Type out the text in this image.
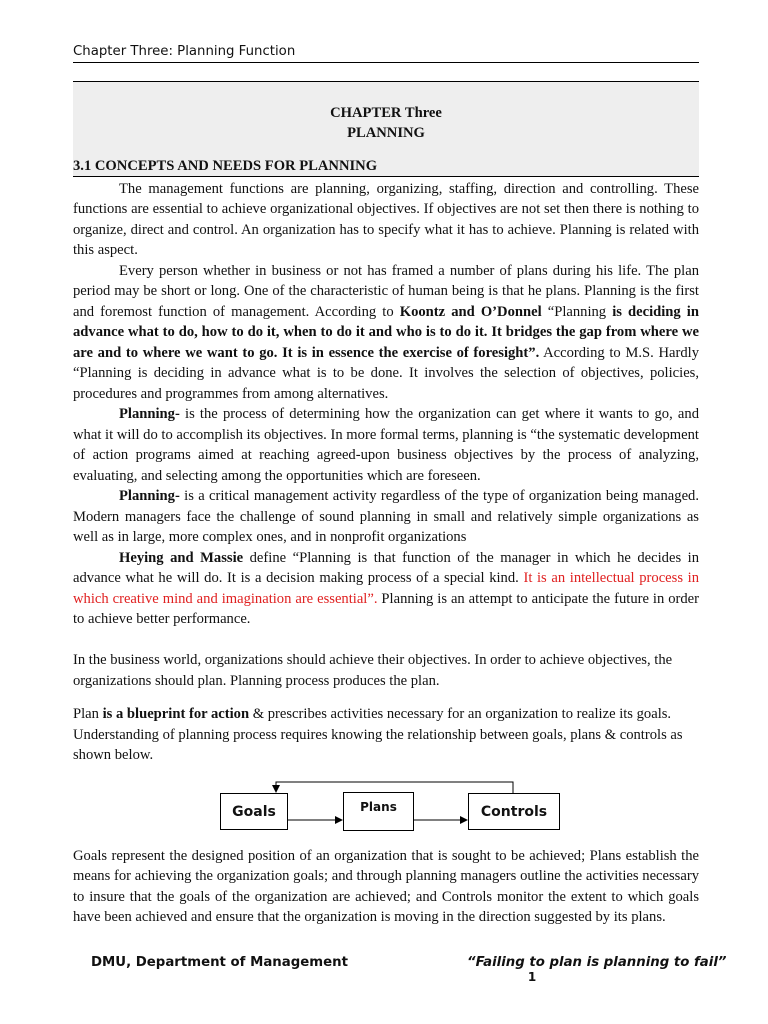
Chapter Three: Planning Function
CHAPTER Three
PLANNING
3.1 CONCEPTS AND NEEDS FOR PLANNING

The management functions are planning, organizing, staffing, direction and controlling. These functions are essential to achieve organizational objectives. If objectives are not set then there is nothing to organize, direct and control. An organization has to specify what it has to achieve. Planning is related with this aspect.

Every person whether in business or not has framed a number of plans during his life. The plan period may be short or long. One of the characteristic of human being is that he plans. Planning is the first and foremost function of management. According to Koontz and O’Donnel “Planning is deciding in advance what to do, how to do it, when to do it and who is to do it. It bridges the gap from where we are and to where we want to go. It is in essence the exercise of foresight”. According to M.S. Hardly “Planning is deciding in advance what is to be done. It involves the selection of objectives, policies, procedures and programmes from among alternatives.

Planning- is the process of determining how the organization can get where it wants to go, and what it will do to accomplish its objectives. In more formal terms, planning is “the systematic development of action programs aimed at reaching agreed-upon business objectives by the process of analyzing, evaluating, and selecting among the opportunities which are foreseen.

Planning- is a critical management activity regardless of the type of organization being managed. Modern managers face the challenge of sound planning in small and relatively simple organizations as well as in large, more complex ones, and in nonprofit organizations

Heying and Massie define “Planning is that function of the manager in which he decides in advance what he will do. It is a decision making process of a special kind. It is an intellectual process in which creative mind and imagination are essential”. Planning is an attempt to anticipate the future in order to achieve better performance.

In the business world, organizations should achieve their objectives. In order to achieve objectives, the organizations should plan. Planning process produces the plan.

Plan is a blueprint for action & prescribes activities necessary for an organization to realize its goals. Understanding of planning process requires knowing the relationship between goals, plans & controls as shown below.

Goals	Plans	Controls

Goals represent the designed position of an organization that is sought to be achieved; Plans establish the means for achieving the organization goals; and through planning managers outline the activities necessary to insure that the goals of the organization are achieved; and Controls monitor the extent to which goals have been achieved and ensure that the organization is moving in the direction suggested by its plans.

DMU, Department of Management	“Failing to plan is planning to fail”
1
